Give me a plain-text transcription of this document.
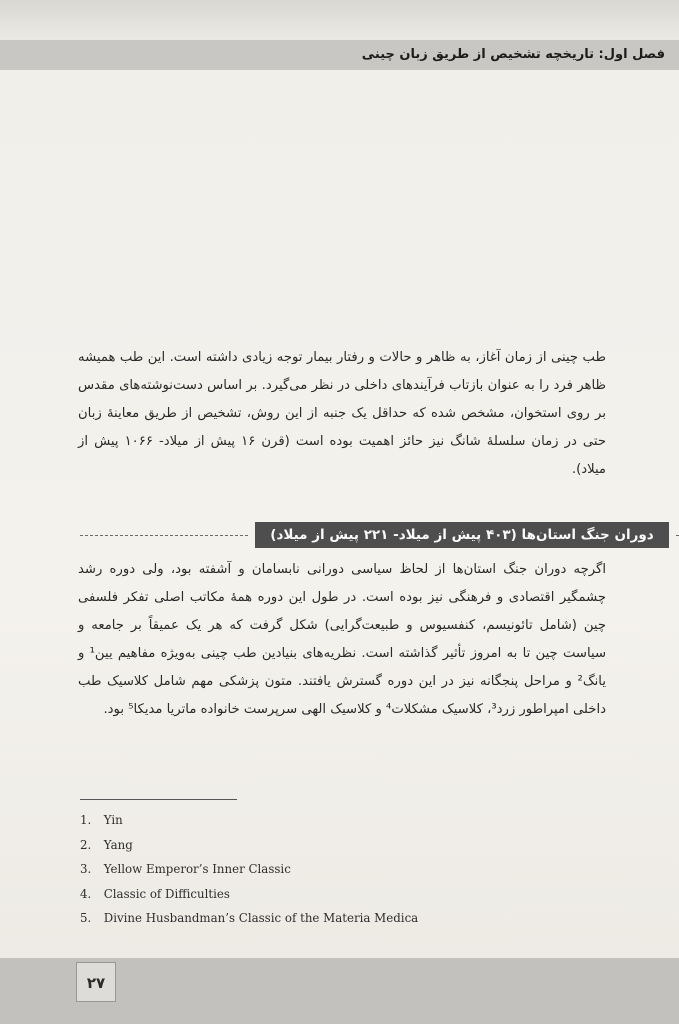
فصل اول: تاریخچه تشخیص از طریق زبان چینی

طب چینی از زمان آغاز، به ظاهر و حالات و رفتار بیمار توجه زیادی داشته است. این طب همیشه ظاهر فرد را به عنوان بازتاب فرآیندهای داخلی در نظر می‌گیرد. بر اساس دست‌نوشته‌های مقدس بر روی استخوان، مشخص شده که حداقل یک جنبه از این روش، تشخیص از طریق معاینهٔ زبان حتی در زمان سلسلهٔ شانگ نیز حائز اهمیت بوده است (قرن ۱۶ پیش از میلاد- ۱۰۶۶ پیش از میلاد).

دوران جنگ استان‌ها (۴۰۳ پیش از میلاد- ۲۲۱ پیش از میلاد)

اگرچه دوران جنگ استان‌ها از لحاظ سیاسی دورانی نابسامان و آشفته بود، ولی دوره رشد چشمگیر اقتصادی و فرهنگی نیز بوده است. در طول این دوره همهٔ مکاتب اصلی تفکر فلسفی چین (شامل تائونیسم، کنفسیوس و طبیعت‌گرایی) شکل گرفت که هر یک عمیقاً بر جامعه و سیاست چین تا به امروز تأثیر گذاشته است. نظریه‌های بنیادین طب چینی به‌ویژه مفاهیم یین¹ و یانگ² و مراحل پنجگانه نیز در این دوره گسترش یافتند. متون پزشکی مهم شامل کلاسیک طب داخلی امپراطور زرد³، کلاسیک مشکلات⁴ و کلاسیک الهی سرپرست خانواده ماتریا مدیکا⁵ بود.

1. Yin
2. Yang
3. Yellow Emperor’s Inner Classic
4. Classic of Difficulties
5. Divine Husbandman’s Classic of the Materia Medica
۲۷
